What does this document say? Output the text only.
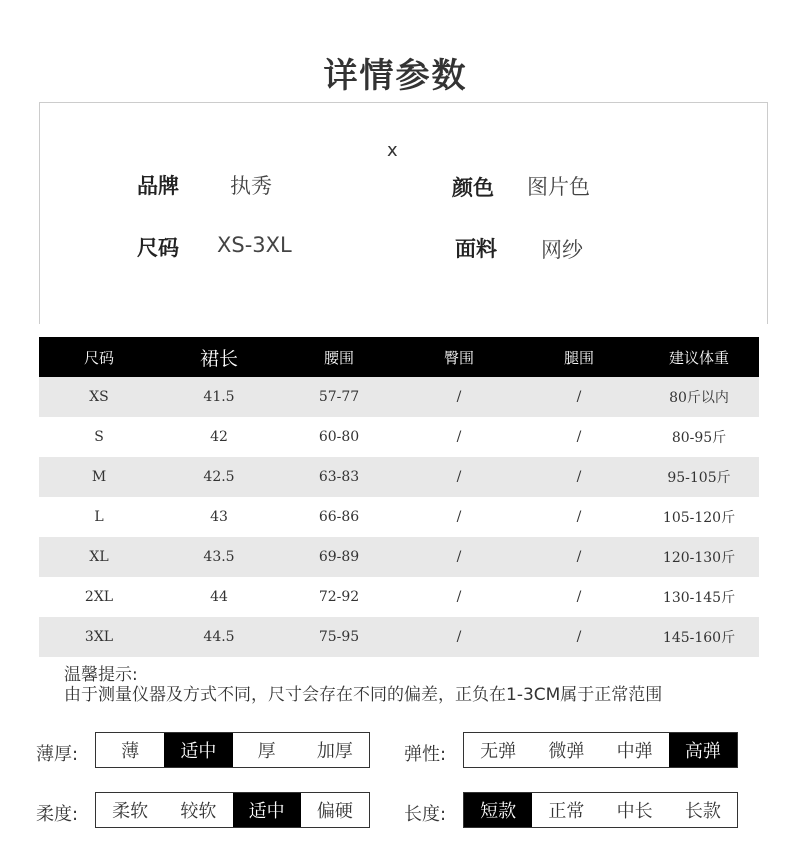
详情参数
x
品牌 执秀	颜色 图片色
尺码 XS-3XL	面料 网纱
尺码	裙长	腰围	臀围	腿围	建议体重
XS	41.5	57-77	/	/	80斤以内
S	42	60-80	/	/	80-95斤
M	42.5	63-83	/	/	95-105斤
L	43	66-86	/	/	105-120斤
XL	43.5	69-89	/	/	120-130斤
2XL	44	72-92	/	/	130-145斤
3XL	44.5	75-95	/	/	145-160斤
温馨提示:
由于测量仪器及方式不同，尺寸会存在不同的偏差，正负在1-3CM属于正常范围
薄厚:	薄	适中	厚	加厚	弹性:	无弹	微弹	中弹	高弹
柔度:	柔软	较软	适中	偏硬	长度:	短款	正常	中长	长款
